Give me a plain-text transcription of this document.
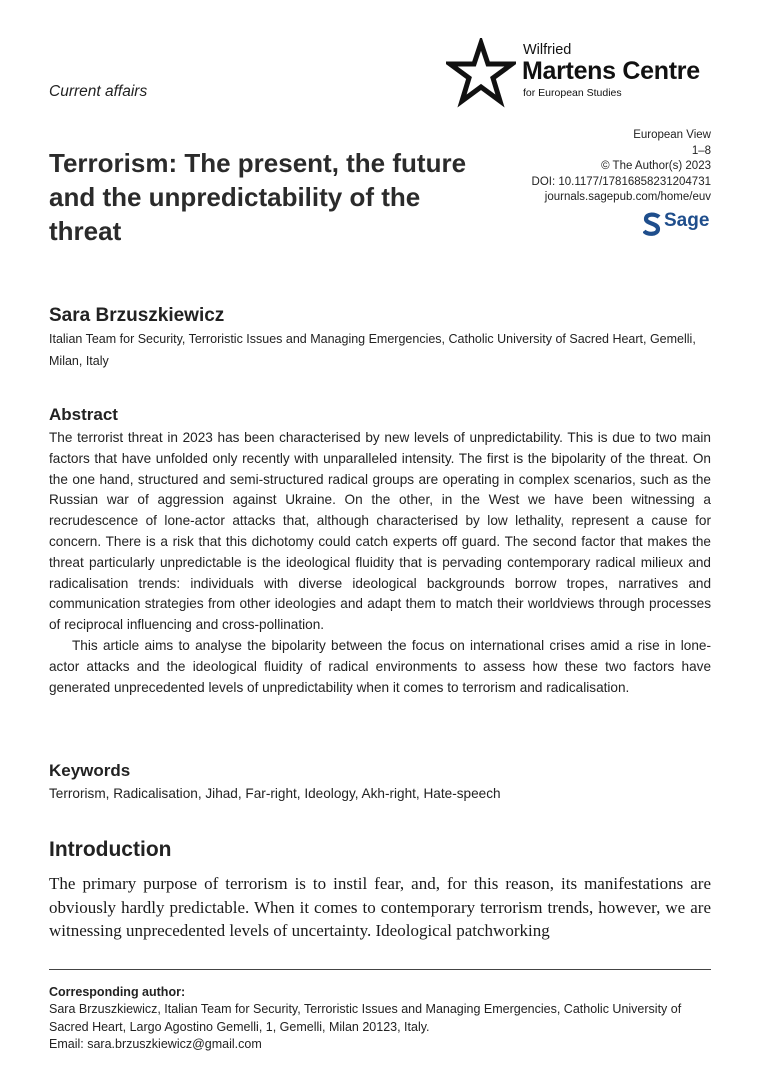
Current affairs
Wilfried
Martens Centre
for European Studies
Terrorism: The present, the future and the unpredictability of the threat
European View
1–8
© The Author(s) 2023
DOI: 10.1177/17816858231204731
journals.sagepub.com/home/euv
Sage
Sara Brzuszkiewicz
Italian Team for Security, Terroristic Issues and Managing Emergencies, Catholic University of Sacred Heart, Gemelli, Milan, Italy
Abstract

The terrorist threat in 2023 has been characterised by new levels of unpredictability. This is due to two main factors that have unfolded only recently with unparalleled intensity. The first is the bipolarity of the threat. On the one hand, structured and semi-structured radical groups are operating in complex scenarios, such as the Russian war of aggression against Ukraine. On the other, in the West we have been witnessing a recrudescence of lone-actor attacks that, although characterised by low lethality, represent a cause for concern. There is a risk that this dichotomy could catch experts off guard. The second factor that makes the threat particularly unpredictable is the ideological fluidity that is pervading contemporary radical milieux and radicalisation trends: individuals with diverse ideological backgrounds borrow tropes, narratives and communication strategies from other ideologies and adapt them to match their worldviews through processes of reciprocal influencing and cross-pollination.

This article aims to analyse the bipolarity between the focus on international crises amid a rise in lone-actor attacks and the ideological fluidity of radical environments to assess how these two factors have generated unprecedented levels of unpredictability when it comes to terrorism and radicalisation.

Keywords
Terrorism, Radicalisation, Jihad, Far-right, Ideology, Akh-right, Hate-speech
Introduction

The primary purpose of terrorism is to instil fear, and, for this reason, its manifestations are obviously hardly predictable. When it comes to contemporary terrorism trends, however, we are witnessing unprecedented levels of uncertainty. Ideological patchworking

Corresponding author:
Sara Brzuszkiewicz, Italian Team for Security, Terroristic Issues and Managing Emergencies, Catholic University of Sacred Heart, Largo Agostino Gemelli, 1, Gemelli, Milan 20123, Italy.
Email: sara.brzuszkiewicz@gmail.com
